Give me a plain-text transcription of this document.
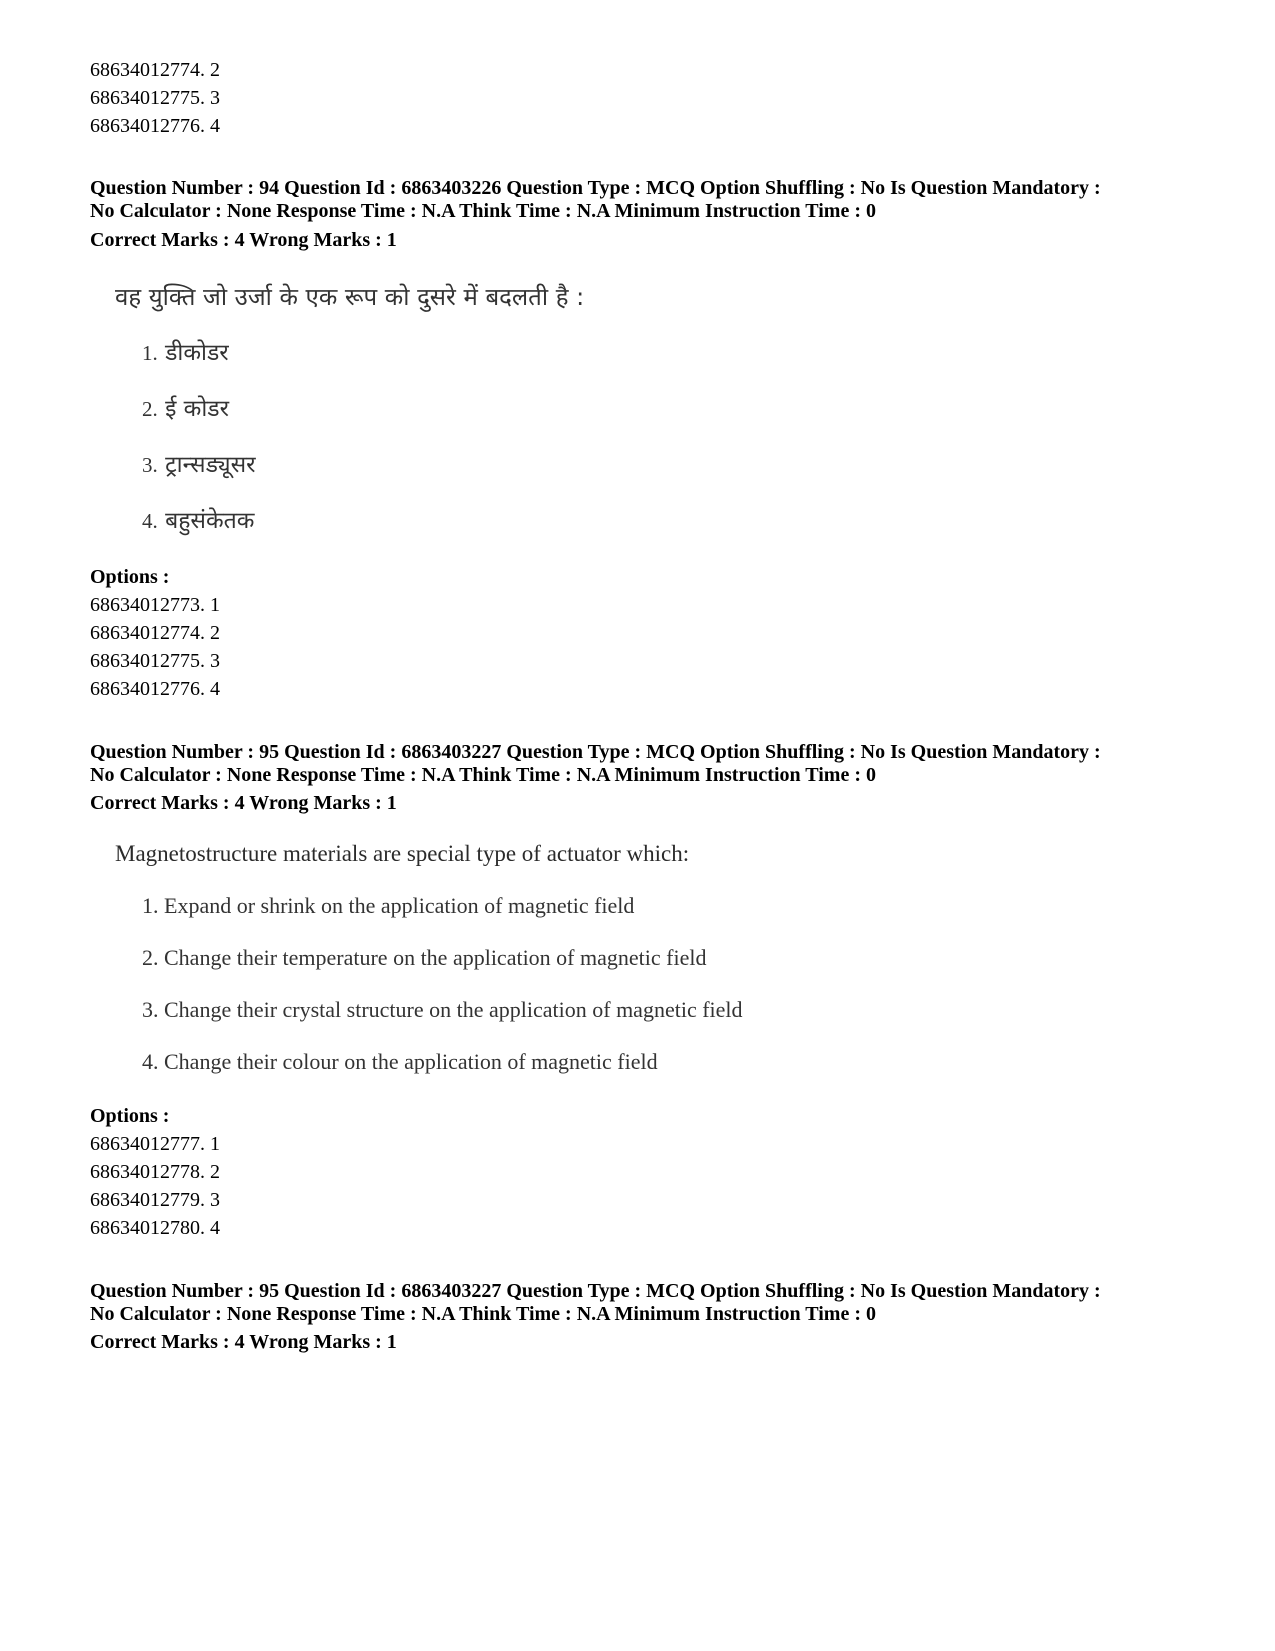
68634012774. 2
68634012775. 3
68634012776. 4
Question Number : 94 Question Id : 6863403226 Question Type : MCQ Option Shuffling : No Is Question Mandatory :
No Calculator : None Response Time : N.A Think Time : N.A Minimum Instruction Time : 0
Correct Marks : 4 Wrong Marks : 1
वह युक्ति जो उर्जा के एक रूप को दुसरे में बदलती है :
1. डीकोडर
2. ई कोडर
3. ट्रान्सड्यूसर
4. बहुसंकेतक
Options :
68634012773. 1
68634012774. 2
68634012775. 3
68634012776. 4
Question Number : 95 Question Id : 6863403227 Question Type : MCQ Option Shuffling : No Is Question Mandatory :
No Calculator : None Response Time : N.A Think Time : N.A Minimum Instruction Time : 0
Correct Marks : 4 Wrong Marks : 1
Magnetostructure materials are special type of actuator which:
1. Expand or shrink on the application of magnetic field
2. Change their temperature on the application of magnetic field
3. Change their crystal structure on the application of magnetic field
4. Change their colour on the application of magnetic field
Options :
68634012777. 1
68634012778. 2
68634012779. 3
68634012780. 4
Question Number : 95 Question Id : 6863403227 Question Type : MCQ Option Shuffling : No Is Question Mandatory :
No Calculator : None Response Time : N.A Think Time : N.A Minimum Instruction Time : 0
Correct Marks : 4 Wrong Marks : 1
